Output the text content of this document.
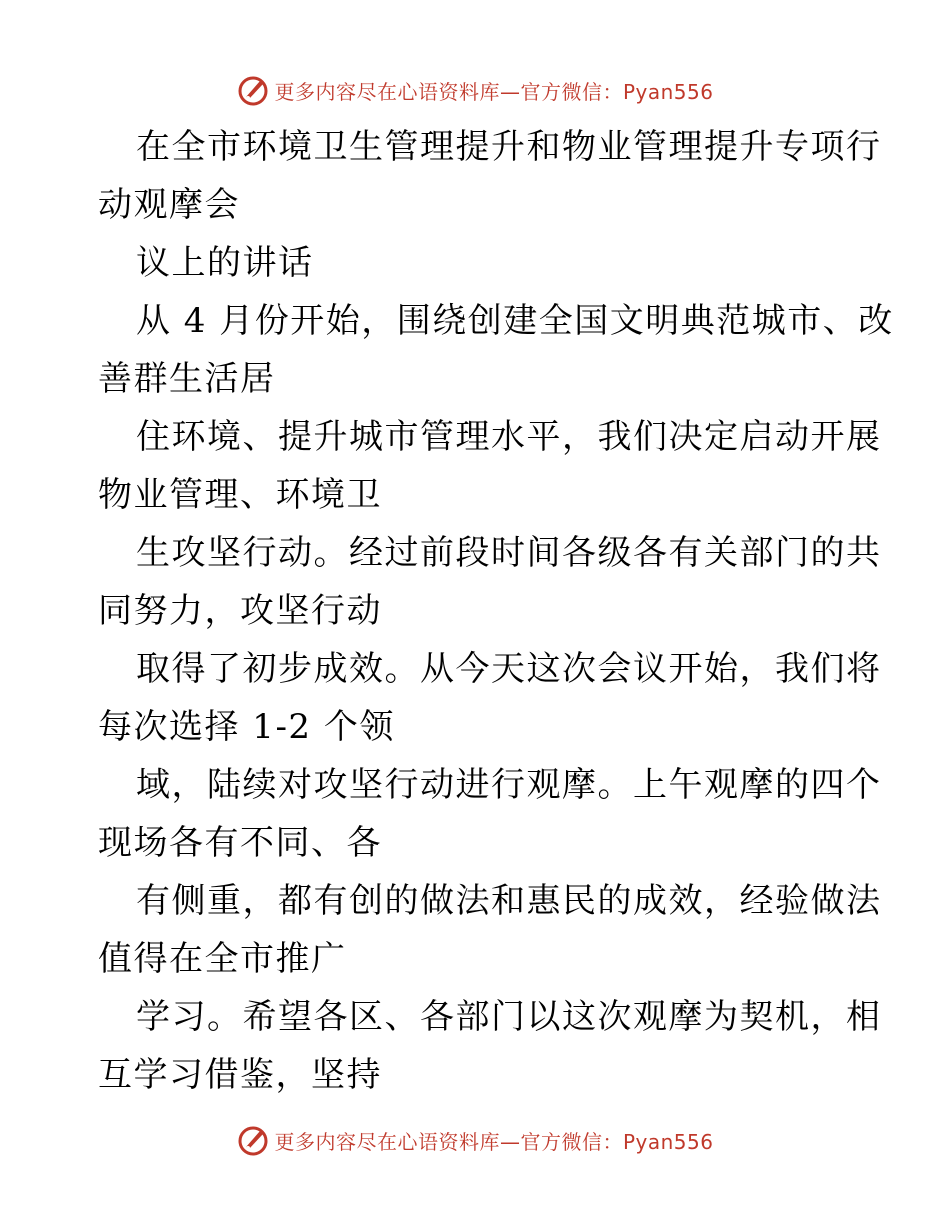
更多内容尽在心语资料库—官方微信：Pyan556

在全市环境卫生管理提升和物业管理提升专项行

动观摩会

议上的讲话

从 4 月份开始，围绕创建全国文明典范城市、改

善群生活居

住环境、提升城市管理水平，我们决定启动开展

物业管理、环境卫

生攻坚行动。经过前段时间各级各有关部门的共

同努力，攻坚行动

取得了初步成效。从今天这次会议开始，我们将

每次选择 1-2 个领

域，陆续对攻坚行动进行观摩。上午观摩的四个

现场各有不同、各

有侧重，都有创的做法和惠民的成效，经验做法

值得在全市推广

学习。希望各区、各部门以这次观摩为契机，相

互学习借鉴，坚持

更多内容尽在心语资料库—官方微信：Pyan556
